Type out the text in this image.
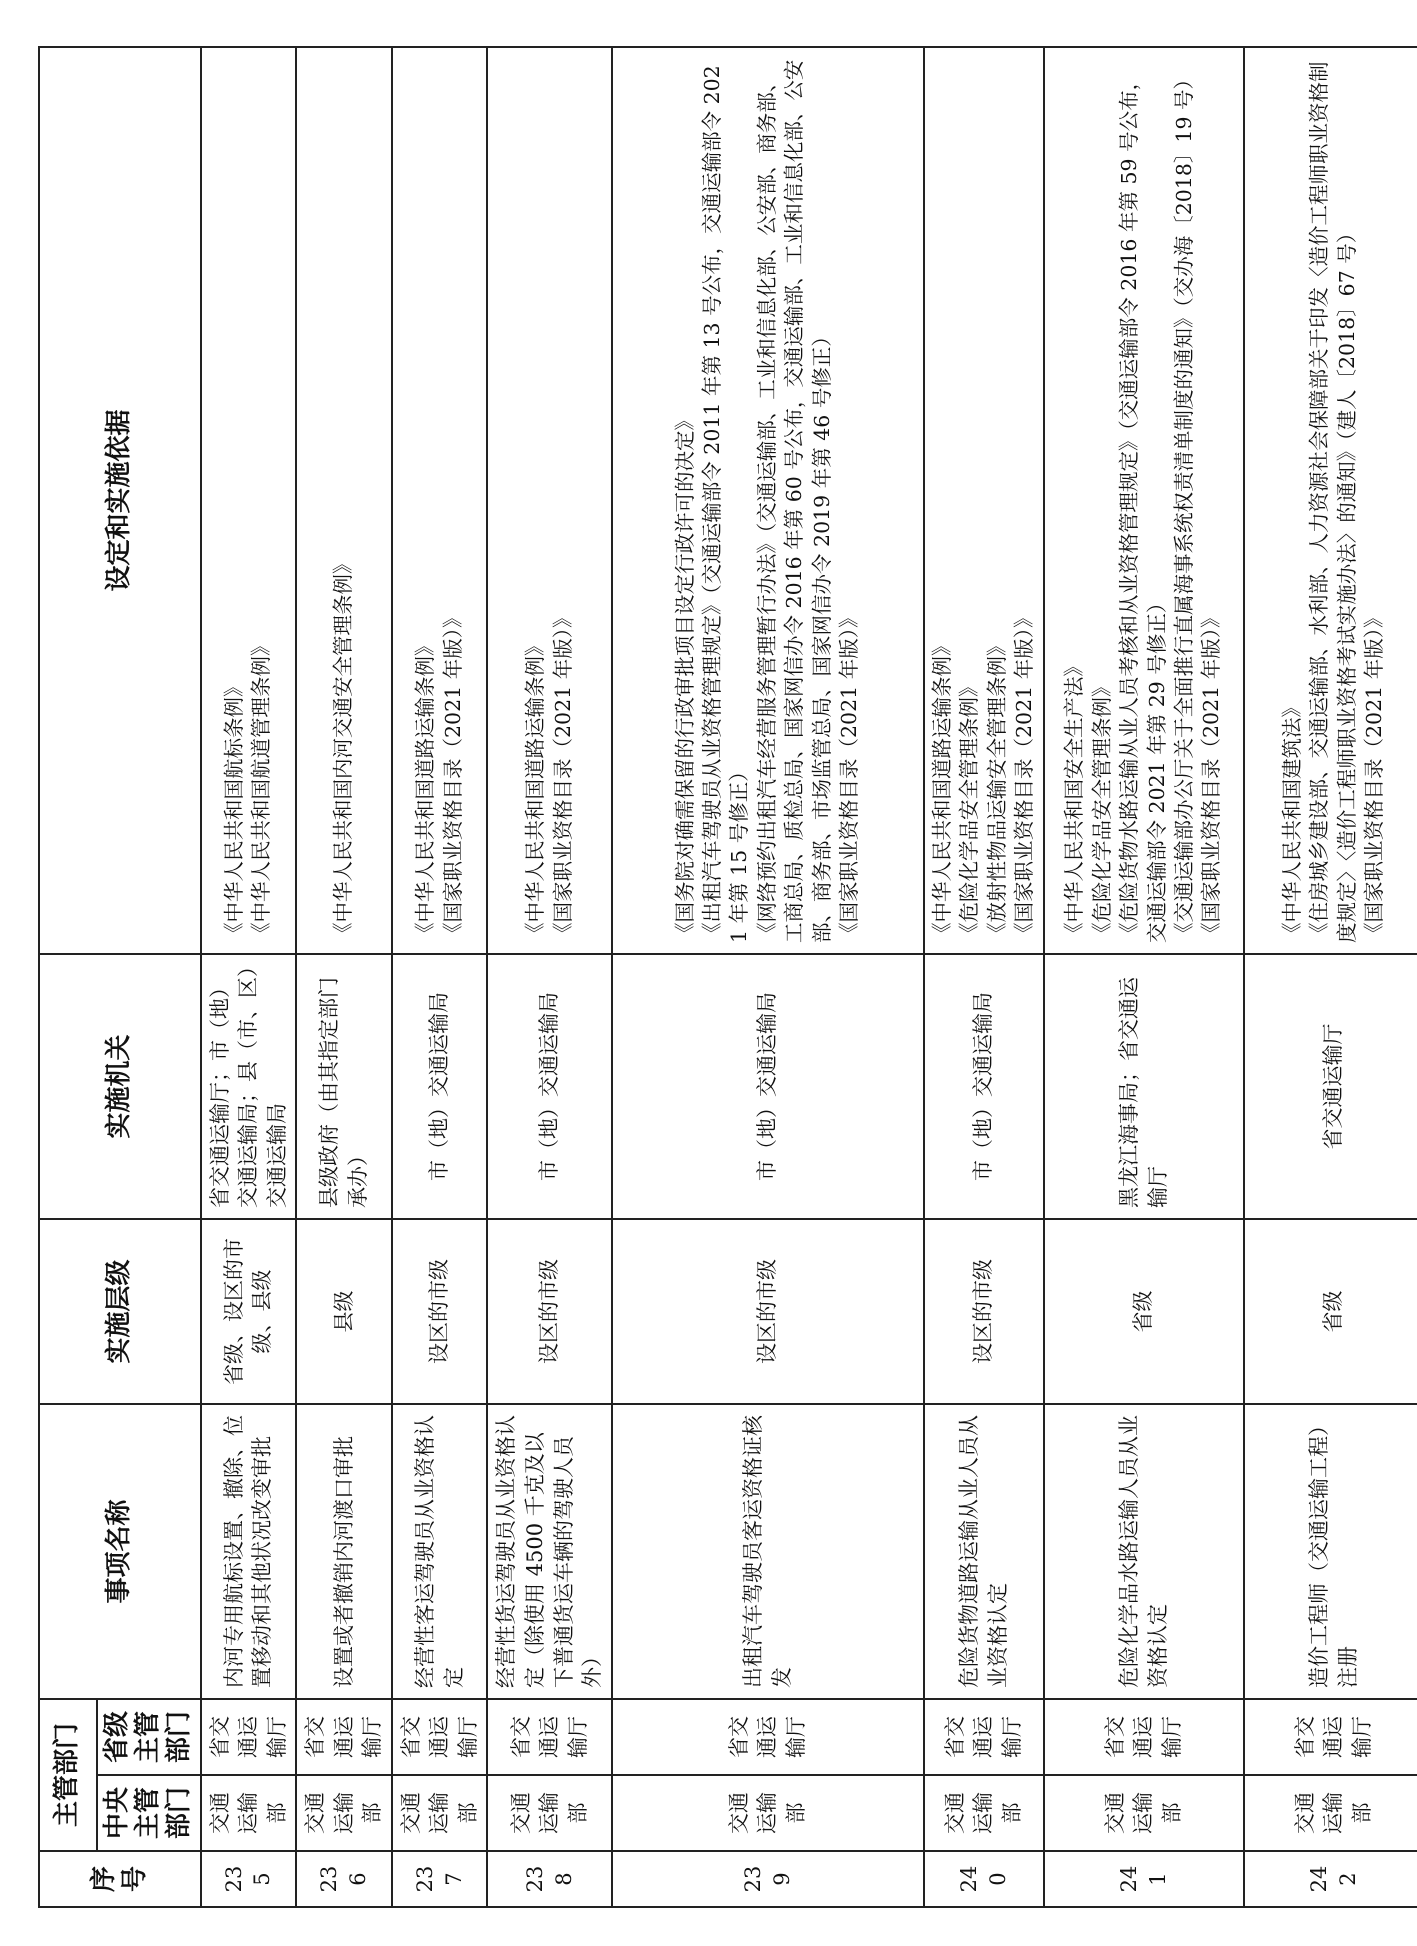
序号	主管部门		事项名称	实施层级	实施机关	设定和实施依据
	中央主管部门	省级主管部门				
235	交通运输部	省交通运输厅	内河专用航标设置、撤除、位置移动和其他状况改变审批	省级、设区的市级、县级	省交通运输厅；市（地）交通运输局；县（市、区）交通运输局	《中华人民共和国航标条例》 《中华人民共和国航道管理条例》

236	交通运输部	省交通运输厅	设置或者撤销内河渡口审批	县级	县级政府（由其指定部门承办）	《中华人民共和国内河交通安全管理条例》

237	交通运输部	省交通运输厅	经营性客运驾驶员从业资格认定	设区的市级	市（地）交通运输局	《中华人民共和国道路运输条例》 《国家职业资格目录（2021 年版）》

238	交通运输部	省交通运输厅	经营性货运驾驶员从业资格认定（除使用 4500 千克及以下普通货运车辆的驾驶人员外）	设区的市级	市（地）交通运输局	《中华人民共和国道路运输条例》 《国家职业资格目录（2021 年版）》

239	交通运输部	省交通运输厅	出租汽车驾驶员客运资格证核发	设区的市级	市（地）交通运输局	《国务院对确需保留的行政审批项目设定行政许可的决定》 《出租汽车驾驶员从业资格管理规定》（交通运输部令 2011 年第 13 号公布，交通运输部令 2021 年第 15 号修正） 《网络预约出租汽车经营服务管理暂行办法》（交通运输部、工业和信息化部、公安部、商务部、工商总局、质检总局、国家网信办令 2016 年第 60 号公布，交通运输部、工业和信息化部、公安部、商务部、市场监管总局、国家网信办令 2019 年第 46 号修正） 《国家职业资格目录（2021 年版）》

240	交通运输部	省交通运输厅	危险货物道路运输从业人员从业资格认定	设区的市级	市（地）交通运输局	《中华人民共和国道路运输条例》 《危险化学品安全管理条例》 《放射性物品运输安全管理条例》 《国家职业资格目录（2021 年版）》

241	交通运输部	省交通运输厅	危险化学品水路运输人员从业资格认定	省级	黑龙江海事局；省交通运输厅	《中华人民共和国安全生产法》 《危险化学品安全管理条例》 《危险货物水路运输从业人员考核和从业资格管理规定》（交通运输部令 2016 年第 59 号公布，交通运输部令 2021 年第 29 号修正） 《交通运输部办公厅关于全面推行直属海事系统权责清单制度的通知》（交办海〔2018〕19 号） 《国家职业资格目录（2021 年版）》

242	交通运输部	省交通运输厅	造价工程师（交通运输工程）注册	省级	省交通运输厅	《中华人民共和国建筑法》 《住房城乡建设部、交通运输部、水利部、人力资源社会保障部关于印发〈造价工程师职业资格制度规定〉〈造价工程师职业资格考试实施办法〉的通知》（建人〔2018〕67 号） 《国家职业资格目录（2021 年版）》
